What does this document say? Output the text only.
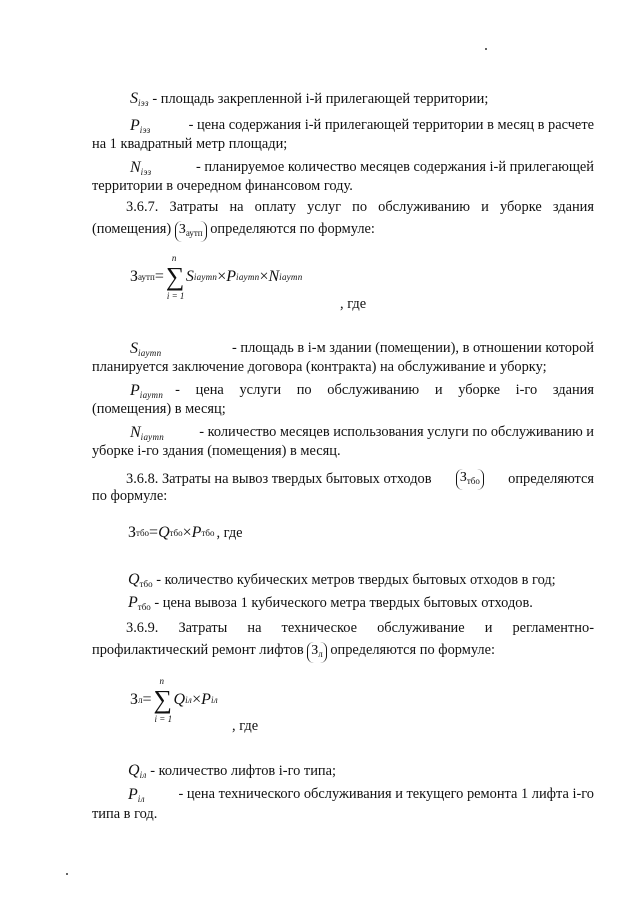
$S_{iэз}$ - площадь закрепленной i-й прилегающей территории;
$P_{iэз}$	- цена содержания i-й прилегающей территории в месяц в расчете
на 1 квадратный метр площади;
$N_{iэз}$	- планируемое количество месяцев содержания i-й прилегающей
территории в очередном финансовом году.
3.6.7. Затраты на оплату услуг по обслуживанию и уборке здания
(помещения) $З_{аутп}$ определяются по формуле:
З аутп =
n
∑
i = 1
S iаутп × P iаутп × N iаутп
, где
$S_{iаутп}$	- площадь в i-м здании (помещении), в отношении которой
планируется заключение договора (контракта) на обслуживание и уборку;
$P_{iаутп}$ - цена услуги по обслуживанию и уборке i-го здания
(помещения) в месяц;
$N_{iаутп}$ - количество месяцев использования услуги по обслуживанию и
уборке i-го здания (помещения) в месяц.
3.6.8. Затраты на вывоз твердых бытовых отходов $З_{тбо}$ определяются
по формуле:
З тбо = Q тбо × P тбо , где
$Q_{тбо}$ - количество кубических метров твердых бытовых отходов в год;
$P_{тбо}$ - цена вывоза 1 кубического метра твердых бытовых отходов.
3.6.9. Затраты на техническое обслуживание и регламентно-
профилактический ремонт лифтов $З_л$ определяются по формуле:
З л =
n
∑
i = 1
Q iл × P iл
, где
$Q_{iл}$ - количество лифтов i-го типа;
$P_{iл}$ - цена технического обслуживания и текущего ремонта 1 лифта i-го
типа в год.
